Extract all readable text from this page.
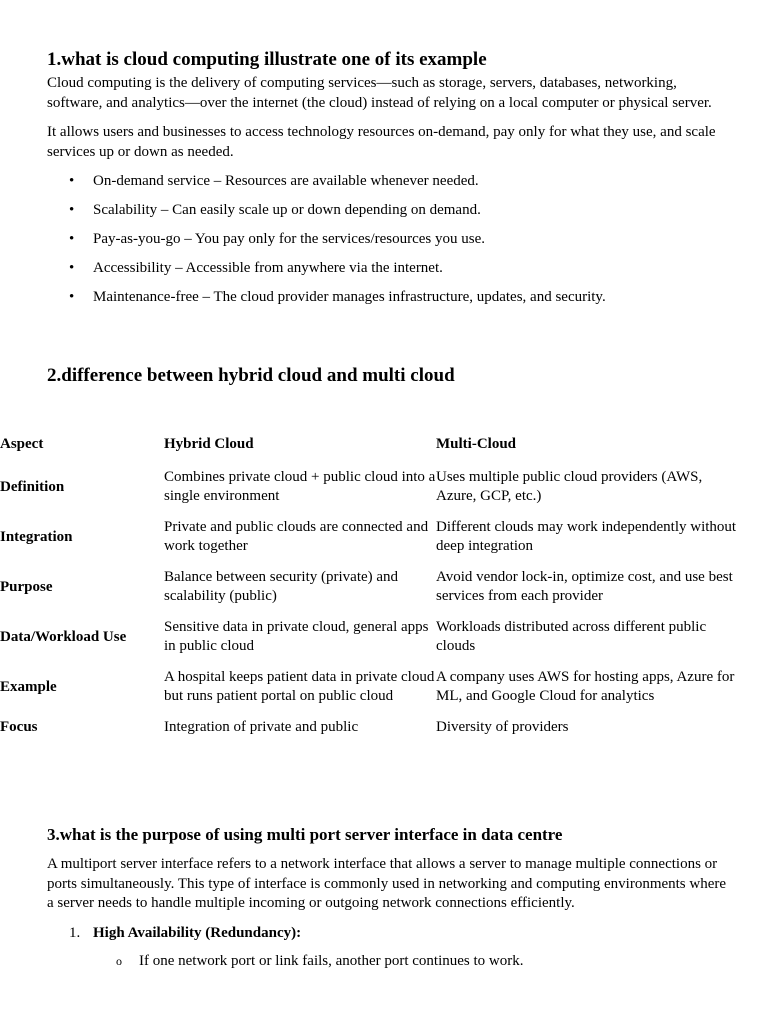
1.what is cloud computing illustrate one of its example

Cloud computing is the delivery of computing services—such as storage, servers, databases, networking, software, and analytics—over the internet (the cloud) instead of relying on a local computer or physical server.

It allows users and businesses to access technology resources on-demand, pay only for what they use, and scale services up or down as needed.

• On-demand service – Resources are available whenever needed.
• Scalability – Can easily scale up or down depending on demand.
• Pay-as-you-go – You pay only for the services/resources you use.
• Accessibility – Accessible from anywhere via the internet.
• Maintenance-free – The cloud provider manages infrastructure, updates, and security.
2.difference between hybrid cloud and multi cloud
Aspect	Hybrid Cloud	Multi-Cloud
Definition	Combines private cloud + public cloud into a single environment	Uses multiple public cloud providers (AWS, Azure, GCP, etc.)
Integration	Private and public clouds are connected and work together	Different clouds may work independently without deep integration
Purpose	Balance between security (private) and scalability (public)	Avoid vendor lock-in, optimize cost, and use best services from each provider
Data/Workload Use	Sensitive data in private cloud, general apps in public cloud	Workloads distributed across different public clouds
Example	A hospital keeps patient data in private cloud but runs patient portal on public cloud	A company uses AWS for hosting apps, Azure for ML, and Google Cloud for analytics
Focus	Integration of private and public	Diversity of providers
3.what is the purpose of using multi port server interface in data centre

A multiport server interface refers to a network interface that allows a server to manage multiple connections or ports simultaneously. This type of interface is commonly used in networking and computing environments where a server needs to handle multiple incoming or outgoing network connections efficiently.

1. High Availability (Redundancy):
o If one network port or link fails, another port continues to work.
